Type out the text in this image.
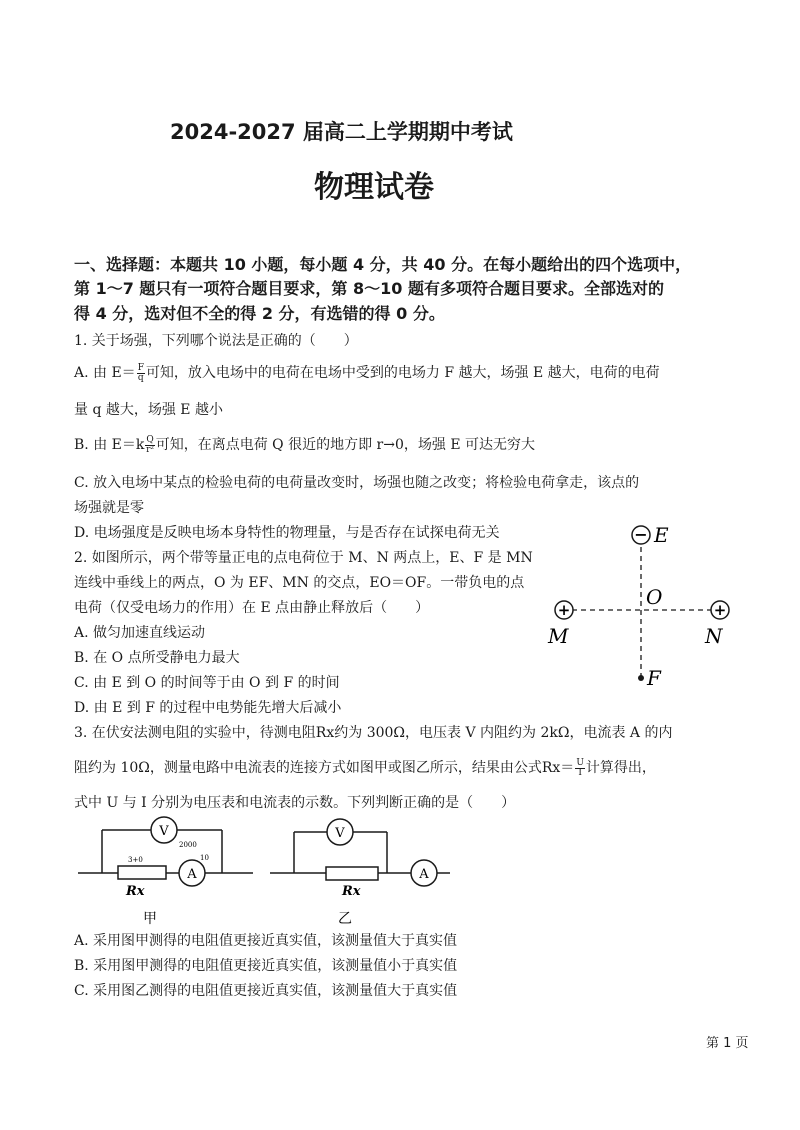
2024-2027 届高二上学期期中考试
物理试卷
一、选择题：本题共 10 小题，每小题 4 分，共 40 分。在每小题给出的四个选项中，
第 1～7 题只有一项符合题目要求，第 8～10 题有多项符合题目要求。全部选对的
得 4 分，选对但不全的得 2 分，有选错的得 0 分。
1. 关于场强，下列哪个说法是正确的（　　）
A. 由 $E= \frac{F}{q}$ 可知，放入电场中的电荷在电场中受到的电场力 F 越大，场强 E 越大，电荷的电荷
量 q 越大，场强 E 越小
B. 由 $E=k \frac{Q}{\text{r²}}$ 可知，在离点电荷 Q 很近的地方即 r→0，场强 E 可达无穷大
C. 放入电场中某点的检验电荷的电荷量改变时，场强也随之改变；将检验电荷拿走，该点的
场强就是零
D. 电场强度是反映电场本身特性的物理量，与是否存在试探电荷无关
2. 如图所示，两个带等量正电的点电荷位于 M、N 两点上，E、F 是 MN
连线中垂线上的两点，O 为 EF、MN 的交点，EO＝OF。一带负电的点
电荷（仅受电场力的作用）在 E 点由静止释放后（　　）
A. 做匀加速直线运动
B. 在 O 点所受静电力最大
C. 由 E 到 O 的时间等于由 O 到 F 的时间
D. 由 E 到 F 的过程中电势能先增大后减小
− E
O
+
M
+
N
F
3. 在伏安法测电阻的实验中，待测电阻Rx约为 300Ω，电压表 V 内阻约为 2kΩ，电流表 A 的内
阻约为 10Ω，测量电路中电流表的连接方式如图甲或图乙所示，结果由公式$Rx= \frac{U}{I}$ 计算得出，
式中 U 与 I 分别为电压表和电流表的示数。下列判断正确的是（　　）
V
2000
3+0
A
10
Rx
甲
V
A
Rx
乙
A. 采用图甲测得的电阻值更接近真实值，该测量值大于真实值
B. 采用图甲测得的电阻值更接近真实值，该测量值小于真实值
C. 采用图乙测得的电阻值更接近真实值，该测量值大于真实值
第 1 页
